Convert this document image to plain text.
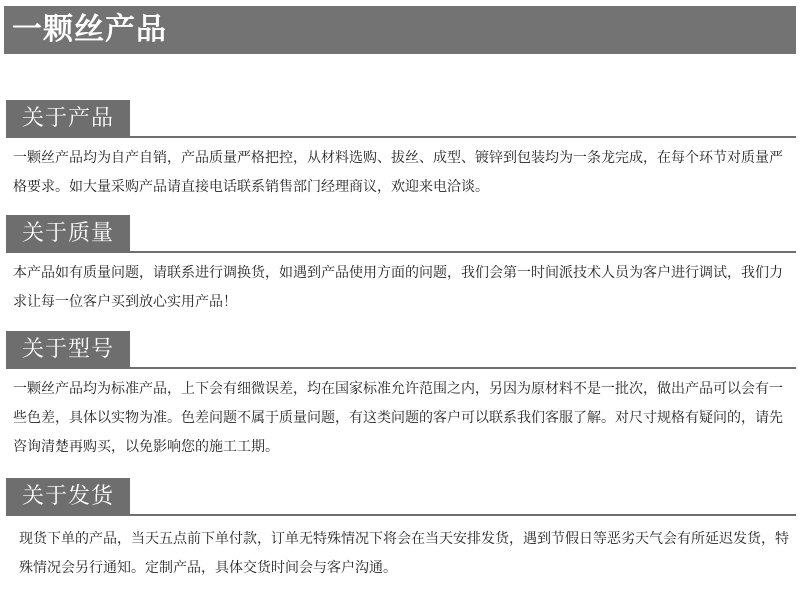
一颗丝产品
关于产品

一颗丝产品均为自产自销，产品质量严格把控，从材料选购、拔丝、成型、镀锌到包装均为一条龙完成，在每个环节对质量严格要求。如大量采购产品请直接电话联系销售部门经理商议，欢迎来电洽谈。

关于质量

本产品如有质量问题，请联系进行调换货，如遇到产品使用方面的问题，我们会第一时间派技术人员为客户进行调试，我们力求让每一位客户买到放心实用产品！

关于型号

一颗丝产品均为标准产品，上下会有细微误差，均在国家标准允许范围之内，另因为原材料不是一批次，做出产品可以会有一些色差，具体以实物为准。色差问题不属于质量问题，有这类问题的客户可以联系我们客服了解。对尺寸规格有疑问的，请先咨询清楚再购买，以免影响您的施工工期。

关于发货

现货下单的产品，当天五点前下单付款，订单无特殊情况下将会在当天安排发货，遇到节假日等恶劣天气会有所延迟发货，特殊情况会另行通知。定制产品，具体交货时间会与客户沟通。
